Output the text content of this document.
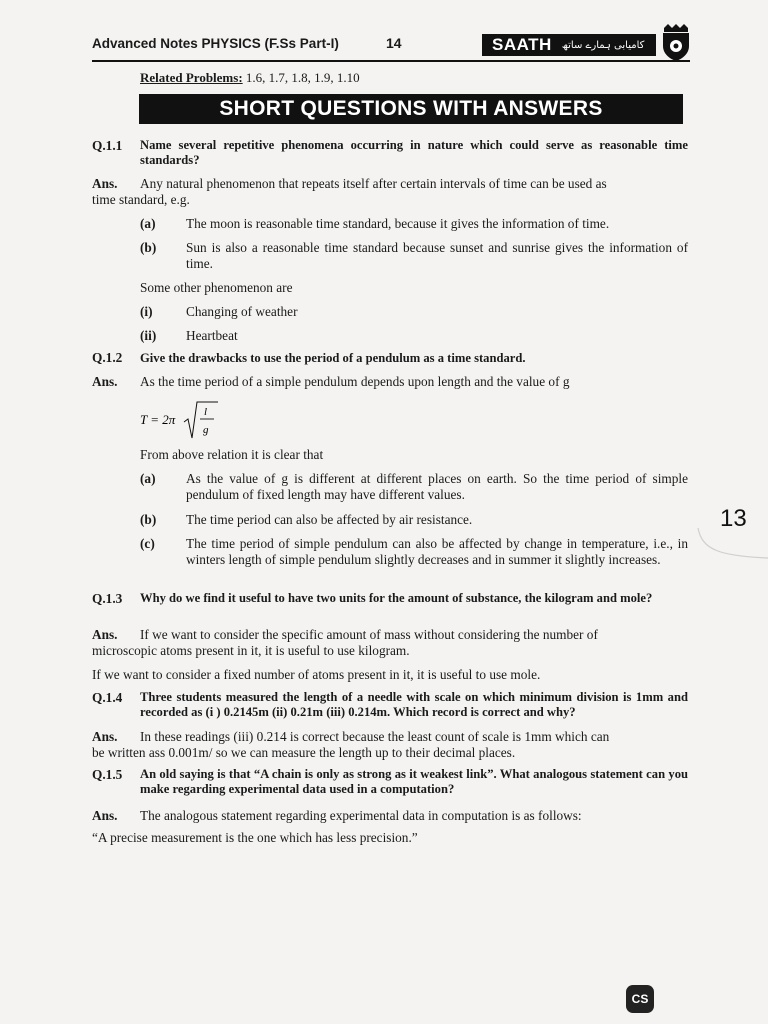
Advanced Notes PHYSICS (F.Ss Part-I)	14	SAATH کامیابی ہمارے ساتھ
Related Problems: 1.6, 1.7, 1.8, 1.9, 1.10
SHORT QUESTIONS WITH ANSWERS
Q.1.1 Name several repetitive phenomena occurring in nature which could serve as reasonable time standards?
Ans. Any natural phenomenon that repeats itself after certain intervals of time can be used as
time standard, e.g.
(a) The moon is reasonable time standard, because it gives the information of time.
(b) Sun is also a reasonable time standard because sunset and sunrise gives the information of time.
Some other phenomenon are
(i)	Changing of weather
(ii) Heartbeat
Q.1.2 Give the drawbacks to use the period of a pendulum as a time standard.
Ans. As the time period of a simple pendulum depends upon length and the value of g
T = 2π	l
g
From above relation it is clear that
(a) As the value of g is different at different places on earth. So the time period of simple pendulum of fixed length may have different values.
(b) The time period can also be affected by air resistance.
(c) The time period of simple pendulum can also be affected by change in temperature, i.e., in winters length of simple pendulum slightly decreases and in summer it slightly increases.
Q.1.3 Why do we find it useful to have two units for the amount of substance, the kilogram and mole?
Ans. If we want to consider the specific amount of mass without considering the number of
microscopic atoms present in it, it is useful to use kilogram.
If we want to consider a fixed number of atoms present in it, it is useful to use mole.
Q.1.4 Three students measured the length of a needle with scale on which minimum division is 1mm and recorded as (i ) 0.2145m (ii) 0.21m (iii) 0.214m. Which record is correct and why?
Ans. In these readings (iii) 0.214 is correct because the least count of scale is 1mm which can
be written ass 0.001m/ so we can measure the length up to their decimal places.
Q.1.5 An old saying is that “A chain is only as strong as it weakest link”. What analogous statement can you make regarding experimental data used in a computation?
Ans. The analogous statement regarding experimental data in computation is as follows:
“A precise measurement is the one which has less precision.”
13
CS
